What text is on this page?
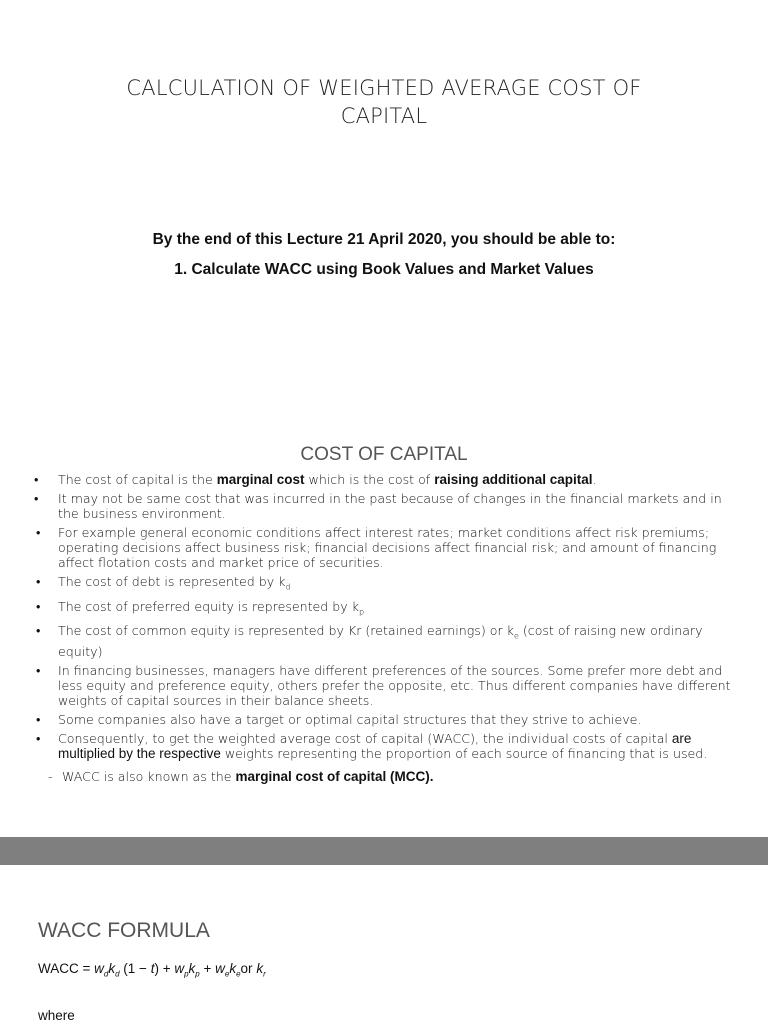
CALCULATION OF WEIGHTED AVERAGE COST OF CAPITAL
By the end of this Lecture 21 April 2020, you should be able to:
1. Calculate WACC using Book Values and Market Values
COST OF CAPITAL
• The cost of capital is the marginal cost which is the cost of raising additional capital.
• It may not be same cost that was incurred in the past because of changes in the financial markets and in the business environment.
• For example general economic conditions affect interest rates; market conditions affect risk premiums; operating decisions affect business risk; financial decisions affect financial risk; and amount of financing affect flotation costs and market price of securities.
• The cost of debt is represented by $k_d$
• The cost of preferred equity is represented by $k_p$
• The cost of common equity is represented by Kr (retained earnings) or $k_e$ (cost of raising new ordinary equity)
• In financing businesses, managers have different preferences of the sources. Some prefer more debt and less equity and preference equity, others prefer the opposite, etc. Thus different companies have different weights of capital sources in their balance sheets.
• Some companies also have a target or optimal capital structures that they strive to achieve.
• Consequently, to get the weighted average cost of capital (WACC), the individual costs of capital are multiplied by the respective weights representing the proportion of each source of financing that is used.
- WACC is also known as the marginal cost of capital (MCC).
WACC FORMULA
WACC = $w_dk_d$ $(1 - t) + w_pk_p + w_ek_eor$ $k_r$
where
